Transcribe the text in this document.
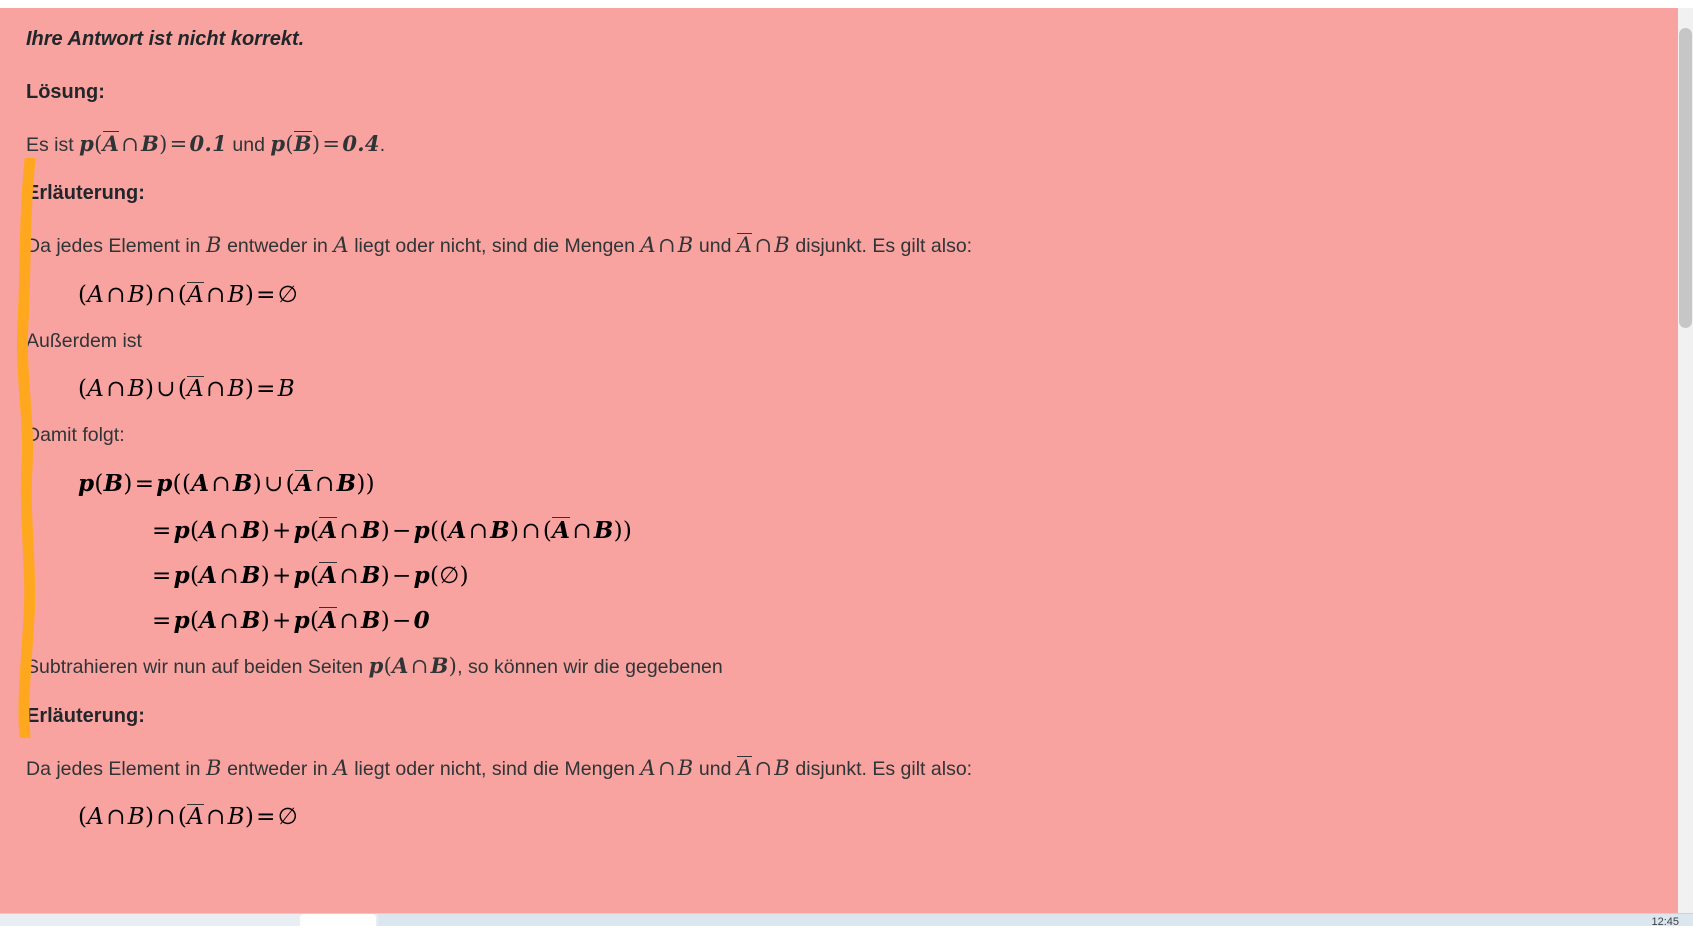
Ihre Antwort ist nicht korrekt.
Lösung:
Es ist p(A∩B)=0.1 und p(B)=0.4.
Erläuterung:
Da jedes Element in B entweder in A liegt oder nicht, sind die Mengen A∩B und A∩B disjunkt. Es gilt also:
(A∩B)∩(A∩B)=∅
Außerdem ist
(A∩B)∪(A∩B)=B
Damit folgt:
p(B)=p((A∩B)∪(A∩B))
=p(A∩B)+p(A∩B)−p((A∩B)∩(A∩B))
=p(A∩B)+p(A∩B)−p(∅)
=p(A∩B)+p(A∩B)−0
Subtrahieren wir nun auf beiden Seiten p(A∩B), so können wir die gegebenen
Erläuterung:
Da jedes Element in B entweder in A liegt oder nicht, sind die Mengen A∩B und A∩B disjunkt. Es gilt also:
(A∩B)∩(A∩B)=∅
12:45
